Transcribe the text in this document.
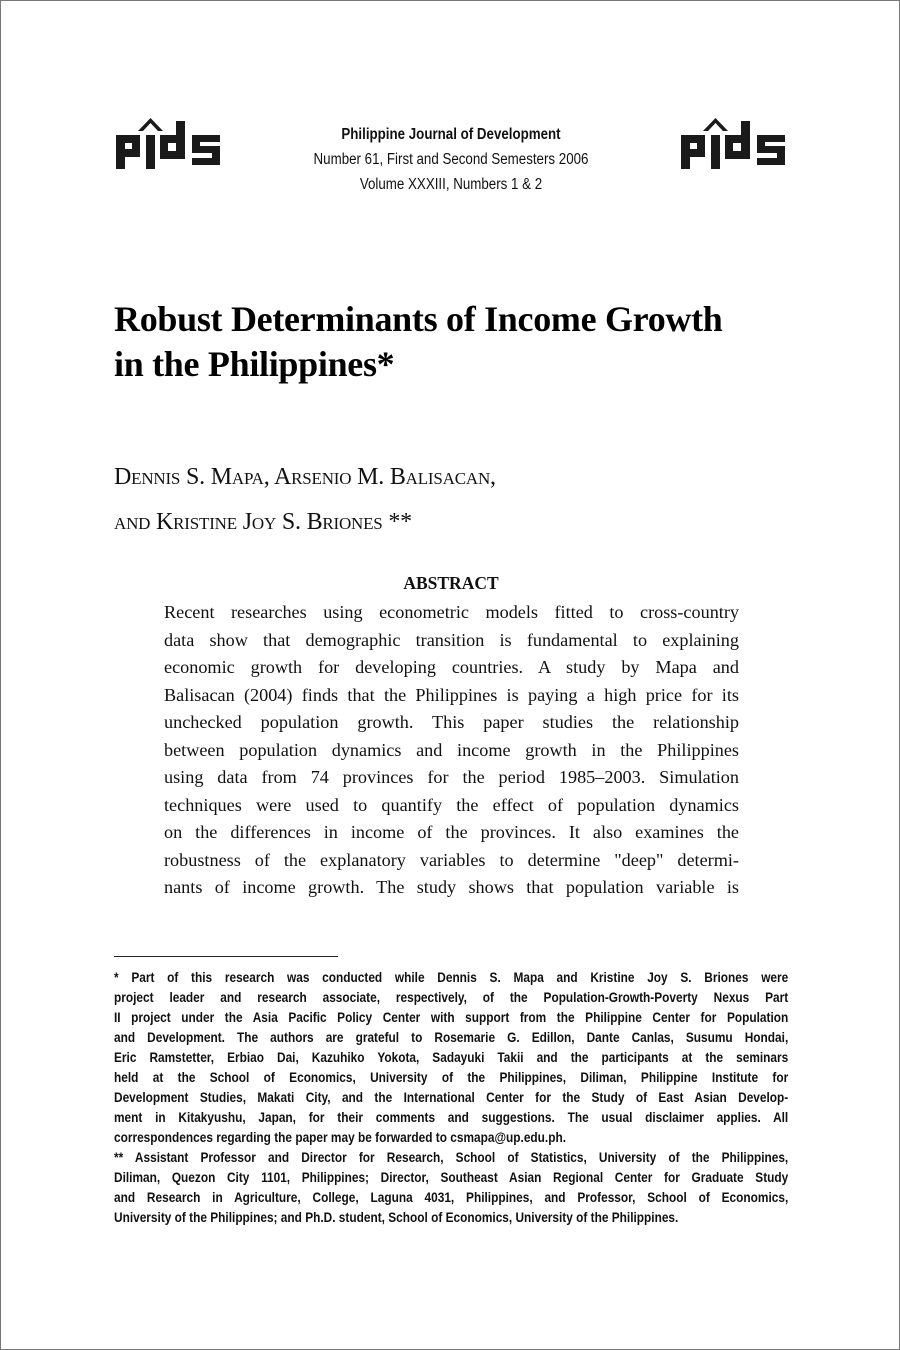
Philippine Journal of Development
Number 61, First and Second Semesters 2006
Volume XXXIII, Numbers 1 & 2
Robust Determinants of Income Growth
in the Philippines*
Dennis S. Mapa, Arsenio M. Balisacan,
and Kristine Joy S. Briones **
ABSTRACT
Recent researches using econometric models fitted to cross-country
data show that demographic transition is fundamental to explaining
economic growth for developing countries. A study by Mapa and
Balisacan (2004) finds that the Philippines is paying a high price for its
unchecked population growth. This paper studies the relationship
between population dynamics and income growth in the Philippines
using data from 74 provinces for the period 1985–2003. Simulation
techniques were used to quantify the effect of population dynamics
on the differences in income of the provinces. It also examines the
robustness of the explanatory variables to determine "deep" determi-
nants of income growth. The study shows that population variable is
* Part of this research was conducted while Dennis S. Mapa and Kristine Joy S. Briones were
project leader and research associate, respectively, of the Population-Growth-Poverty Nexus Part
II project under the Asia Pacific Policy Center with support from the Philippine Center for Population
and Development. The authors are grateful to Rosemarie G. Edillon, Dante Canlas, Susumu Hondai,
Eric Ramstetter, Erbiao Dai, Kazuhiko Yokota, Sadayuki Takii and the participants at the seminars
held at the School of Economics, University of the Philippines, Diliman, Philippine Institute for
Development Studies, Makati City, and the International Center for the Study of East Asian Develop-
ment in Kitakyushu, Japan, for their comments and suggestions. The usual disclaimer applies. All
correspondences regarding the paper may be forwarded to csmapa@up.edu.ph.
** Assistant Professor and Director for Research, School of Statistics, University of the Philippines,
Diliman, Quezon City 1101, Philippines; Director, Southeast Asian Regional Center for Graduate Study
and Research in Agriculture, College, Laguna 4031, Philippines, and Professor, School of Economics,
University of the Philippines; and Ph.D. student, School of Economics, University of the Philippines.
